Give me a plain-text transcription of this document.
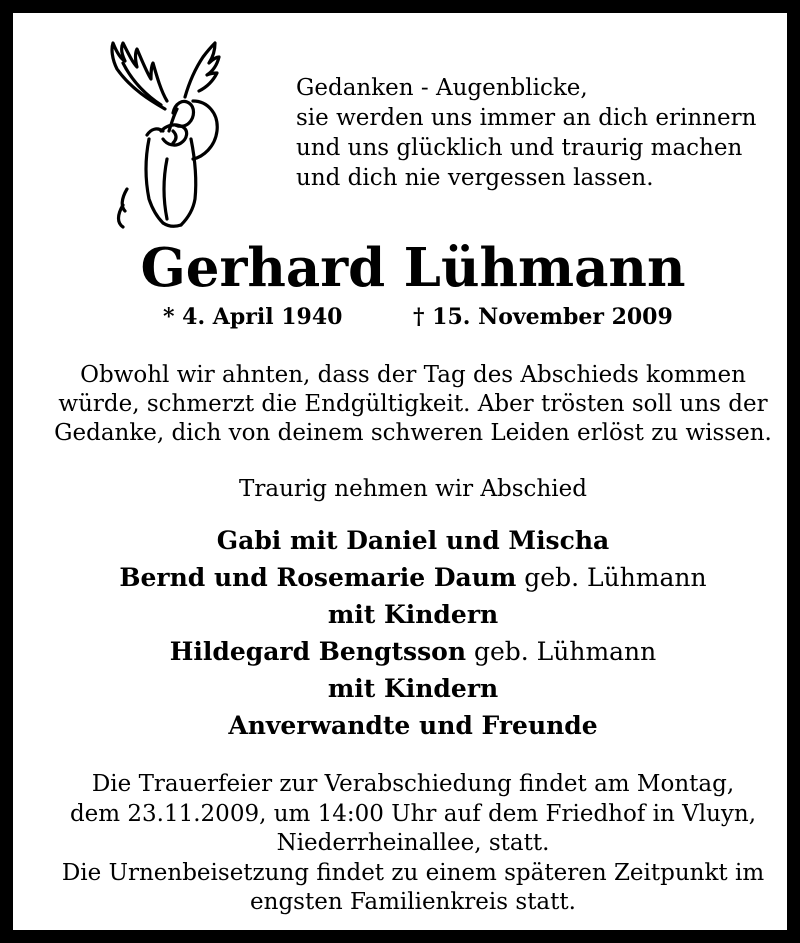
Gedanken - Augenblicke,
sie werden uns immer an dich erinnern
und uns glücklich und traurig machen
und dich nie vergessen lassen.
Gerhard Lühmann
* 4. April 1940	† 15. November 2009
Obwohl wir ahnten, dass der Tag des Abschieds kommen
würde, schmerzt die Endgültigkeit. Aber trösten soll uns der
Gedanke, dich von deinem schweren Leiden erlöst zu wissen.
Traurig nehmen wir Abschied
Gabi mit Daniel und Mischa
Bernd und Rosemarie Daum geb. Lühmann
mit Kindern
Hildegard Bengtsson geb. Lühmann
mit Kindern
Anverwandte und Freunde
Die Trauerfeier zur Verabschiedung findet am Montag,
dem 23.11.2009, um 14:00 Uhr auf dem Friedhof in Vluyn,
Niederrheinallee, statt.
Die Urnenbeisetzung findet zu einem späteren Zeitpunkt im
engsten Familienkreis statt.
